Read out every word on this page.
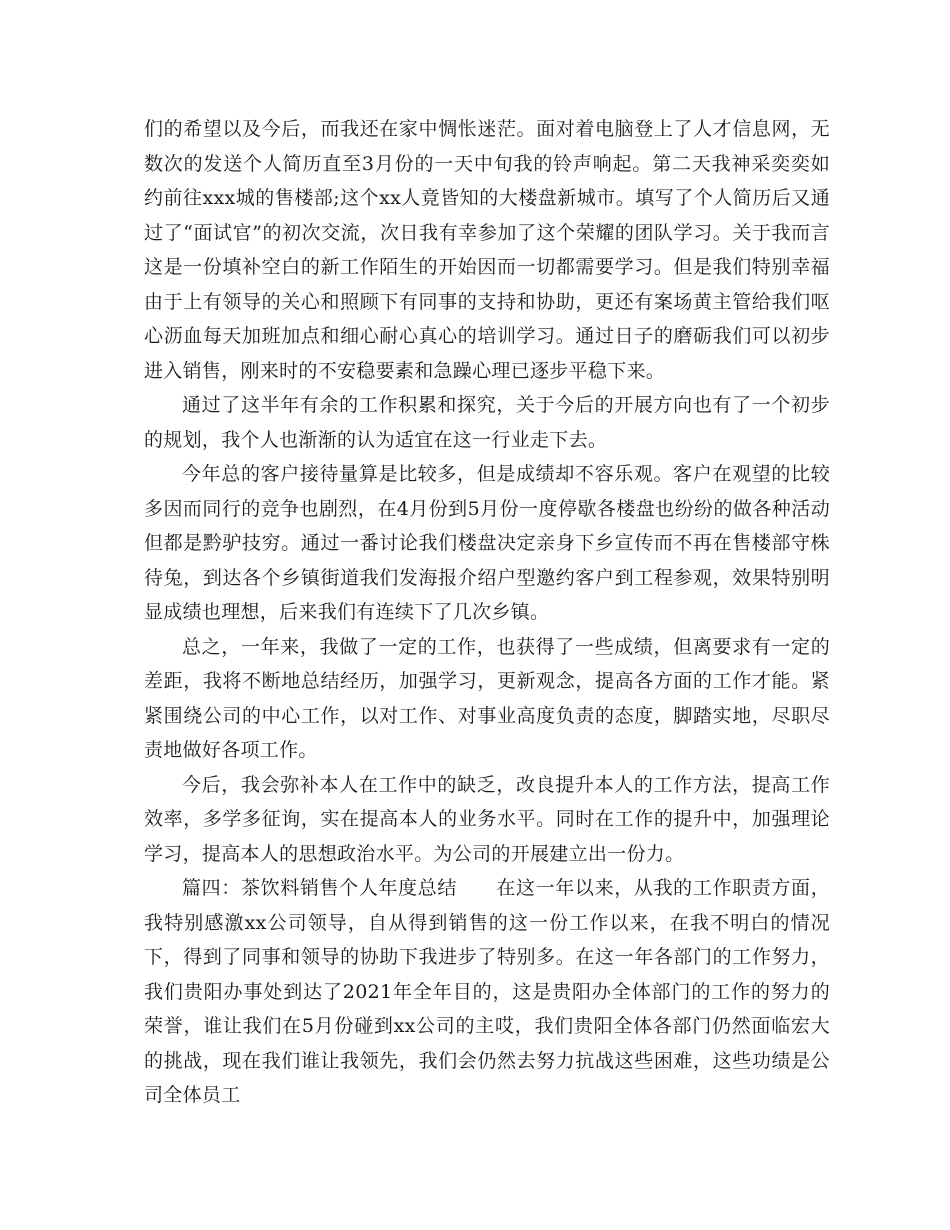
们的希望以及今后，而我还在家中惆怅迷茫。面对着电脑登上了人才信息网，无数次的发送个人简历直至3月份的一天中旬我的铃声响起。第二天我神采奕奕如约前往xxx城的售楼部;这个xx人竟皆知的大楼盘新城市。填写了个人简历后又通过了“面试官”的初次交流，次日我有幸参加了这个荣耀的团队学习。关于我而言这是一份填补空白的新工作陌生的开始因而一切都需要学习。但是我们特别幸福由于上有领导的关心和照顾下有同事的支持和协助，更还有案场黄主管给我们呕心沥血每天加班加点和细心耐心真心的培训学习。通过日子的磨砺我们可以初步进入销售，刚来时的不安稳要素和急躁心理已逐步平稳下来。

通过了这半年有余的工作积累和探究，关于今后的开展方向也有了一个初步的规划，我个人也渐渐的认为适宜在这一行业走下去。

今年总的客户接待量算是比较多，但是成绩却不容乐观。客户在观望的比较多因而同行的竞争也剧烈，在4月份到5月份一度停歇各楼盘也纷纷的做各种活动但都是黔驴技穷。通过一番讨论我们楼盘决定亲身下乡宣传而不再在售楼部守株待兔，到达各个乡镇街道我们发海报介绍户型邀约客户到工程参观，效果特别明显成绩也理想，后来我们有连续下了几次乡镇。

总之，一年来，我做了一定的工作，也获得了一些成绩，但离要求有一定的差距，我将不断地总结经历，加强学习，更新观念，提高各方面的工作才能。紧紧围绕公司的中心工作，以对工作、对事业高度负责的态度，脚踏实地，尽职尽责地做好各项工作。

今后，我会弥补本人在工作中的缺乏，改良提升本人的工作方法，提高工作效率，多学多征询，实在提高本人的业务水平。同时在工作的提升中，加强理论学习，提高本人的思想政治水平。为公司的开展建立出一份力。

篇四：茶饮料销售个人年度总结　　在这一年以来，从我的工作职责方面，我特别感激xx公司领导，自从得到销售的这一份工作以来，在我不明白的情况下，得到了同事和领导的协助下我进步了特别多。在这一年各部门的工作努力，我们贵阳办事处到达了2021年全年目的，这是贵阳办全体部门的工作的努力的荣誉，谁让我们在5月份碰到xx公司的主哎，我们贵阳全体各部门仍然面临宏大的挑战，现在我们谁让我领先，我们会仍然去努力抗战这些困难，这些功绩是公司全体员工
